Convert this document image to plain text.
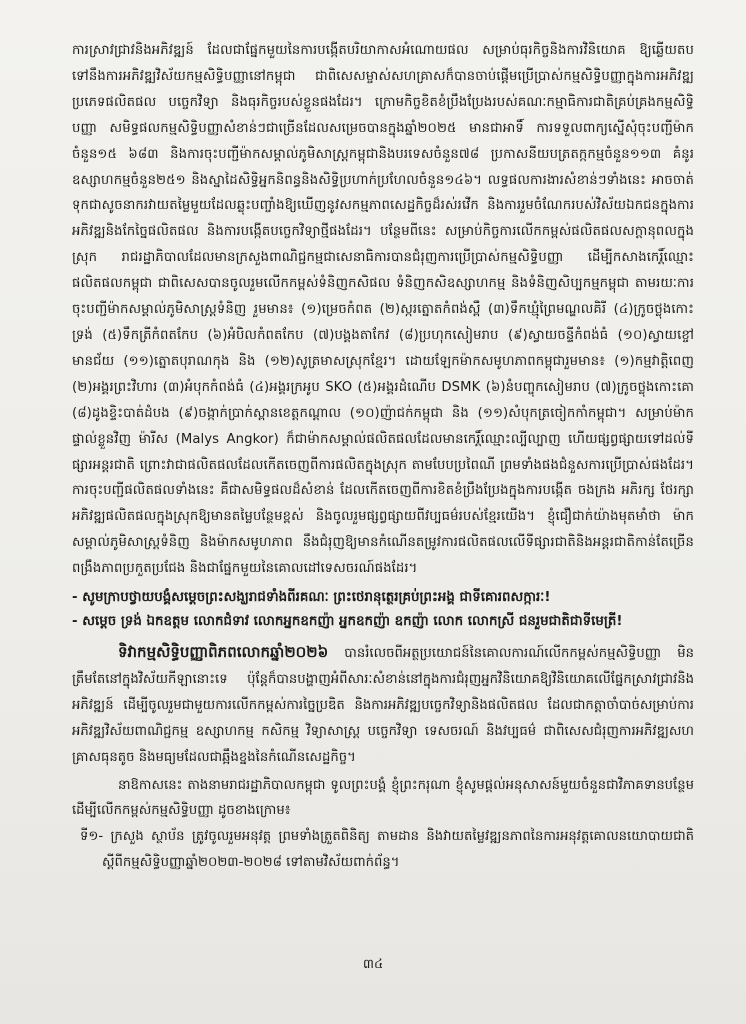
ការស្រាវជ្រាវនិងអភិវឌ្ឍន៍ ដែលជាផ្នែកមួយនៃការបង្កើតបរិយាកាសអំណោយផល សម្រាប់ធុរកិច្ចនិងការវិនិយោគ ឱ្យឆ្លើយតបទៅនឹងការអភិវឌ្ឍវិស័យកម្មសិទ្ធិបញ្ញានៅកម្ពុជា ជាពិសេសម្ចាស់សហគ្រាសក៏បានចាប់ផ្តើមប្រើប្រាស់កម្មសិទ្ធិបញ្ញាក្នុងការអភិវឌ្ឍប្រភេទផលិតផល បច្ចេកវិទ្យា និងធុរកិច្ចរបស់ខ្លួនផងដែរ។ ក្រោមកិច្ចខិតខំប្រឹងប្រែងរបស់គណៈកម្មាធិការជាតិគ្រប់គ្រងកម្មសិទ្ធិបញ្ញា សមិទ្ធផលកម្មសិទ្ធិបញ្ញាសំខាន់ៗជាច្រើនដែលសម្រេចបានក្នុងឆ្នាំ២០២៥ មានជាអាទិ៍ ការទទួលពាក្យស្នើសុំចុះបញ្ជីម៉ាកចំនួន១៥ ៦៨៣ និងការចុះបញ្ជីម៉ាកសម្គាល់ភូមិសាស្ត្រកម្ពុជានិងបរទេសចំនួន៧៨ ប្រកាសនីយបត្រតក្កកម្មចំនួន១១៣ គំនូរឧស្សាហកម្មចំនួន២៥១ និងស្នាដៃសិទ្ធិអ្នកនិពន្ធនិងសិទ្ធិប្រហាក់ប្រហែលចំនួន១៤៦។ លទ្ធផលការងារសំខាន់ៗទាំងនេះ អាចចាត់ទុកជាសូចនាករវាយតម្លៃមួយដែលឆ្លុះបញ្ចាំងឱ្យឃើញនូវសកម្មភាពសេដ្ឋកិច្ចដ៏រស់រវើក និងការរួមចំណែករបស់វិស័យឯកជនក្នុងការអភិវឌ្ឍនិងកែច្នៃផលិតផល និងការបង្កើតបច្ចេកវិទ្យាថ្មីផងដែរ។ បន្ថែមពីនេះ សម្រាប់កិច្ចការលើកកម្ពស់ផលិតផលសក្តានុពលក្នុងស្រុក រាជរដ្ឋាភិបាលដែលមានក្រសួងពាណិជ្ជកម្មជាសេនាធិការបានជំរុញការប្រើប្រាស់កម្មសិទ្ធិបញ្ញា ដើម្បីកសាងកេរ្តិ៍ឈ្មោះផលិតផលកម្ពុជា ជាពិសេសបានចូលរួមលើកកម្ពស់ទំនិញកសិផល ទំនិញកសិឧស្សាហកម្ម និងទំនិញសិប្បកម្មកម្ពុជា តាមរយៈការចុះបញ្ជីម៉ាកសម្គាល់ភូមិសាស្ត្រទំនិញ រួមមាន៖ (១)ម្រេចកំពត (២)ស្ករត្នោតកំពង់ស្ពឺ (៣)ទឹកឃ្មុំព្រៃមណ្ឌលគិរី (៤)ក្រូចថ្លុងកោះទ្រង់ (៥)ទឹកត្រីកំពតកែប (៦)អំបិលកំពតកែប (៧)បង្គងតាកែវ (៨)ប្រហុកសៀមរាប (៩)ស្វាយចន្ទីកំពង់ធំ (១០)ស្វាយខ្ចៅមានជ័យ (១១)ត្នោតបុរាណកុង និង (១២)សូត្រមាសស្រុកខ្មែរ។ ដោយឡែកម៉ាកសមូហភាពកម្ពុជារួមមាន៖ (១)កម្មវាត្តិពេញ (២)អង្គរព្រះវិហារ (៣)អំបុកកំពង់ធំ (៤)អង្គរក្រអូប SKO (៥)អង្គរដំណើប DSMK (៦)នំបញ្ចុកសៀមរាប (៧)ក្រូចថ្លុងកោះគោ (៨)ដូងខ្ទិះបាត់ដំបង (៩)ចង្កាក់ប្រាក់ស្ពានខេត្តកណ្ដាល (១០)ញ៉ាជក់កម្ពុជា និង (១១)សំបុកត្រចៀកកាំកម្ពុជា។ សម្រាប់ម៉ាកផ្ទាល់ខ្លួនវិញ ម៉ារីស (Malys Angkor) ក៏ជាម៉ាកសម្គាល់ផលិតផលដែលមានកេរ្តិ៍ឈ្មោះល្បីល្បាញ ហើយផ្សព្វផ្សាយទៅដល់ទីផ្សារអន្តរជាតិ ព្រោះវាជាផលិតផលដែលកើតចេញពីការផលិតក្នុងស្រុក តាមបែបប្រពៃណី ព្រមទាំងផងជំនួសការប្រើប្រាស់ផងដែរ។ ការចុះបញ្ជីផលិតផលទាំងនេះ គឺជាសមិទ្ធផលដ៏សំខាន់ ដែលកើតចេញពីការខិតខំប្រឹងប្រែងក្នុងការបង្កើត ចងក្រង អភិរក្ស ថែរក្សា អភិវឌ្ឍផលិតផលក្នុងស្រុកឱ្យមានតម្លៃបន្ថែមខ្ពស់ និងចូលរួមផ្សព្វផ្សាយពីវប្បធម៌របស់ខ្មែរយើង។ ខ្ញុំជឿជាក់យ៉ាងមុតមាំថា ម៉ាកសម្គាល់ភូមិសាស្ត្រទំនិញ និងម៉ាកសមូហភាព នឹងជំរុញឱ្យមានកំណើនតម្រូវការផលិតផលលើទីផ្សារជាតិនិងអន្តរជាតិកាន់តែច្រើន ពង្រឹងភាពប្រកួតប្រជែង និងជាផ្នែកមួយនៃគោលដៅទេសចរណ៍ផងដែរ។

- សូមក្រាបថ្វាយបង្គំសម្តេចព្រះសង្ឃរាជទាំងពីរគណៈ ព្រះថេរានុត្ថេរគ្រប់ព្រះអង្គ ជាទីគោរពសក្ការៈ!

- សម្តេច ទ្រង់ ឯកឧត្តម លោកជំទាវ លោកអ្នកឧកញ៉ា អ្នកឧកញ៉ា ឧកញ៉ា លោក លោកស្រី ជនរួមជាតិជាទីមេត្រី!

ទិវាកម្មសិទ្ធិបញ្ញាពិភពលោកឆ្នាំ២០២៦ បានរំលេចពីអត្ថប្រយោជន៍នៃគោលការណ៍លើកកម្ពស់កម្មសិទ្ធិបញ្ញា មិនត្រឹមតែនៅក្នុងវិស័យកីឡានោះទេ ប៉ុន្តែក៏បានបង្ហាញអំពីសារៈសំខាន់នៅក្នុងការជំរុញអ្នកវិនិយោគឱ្យវិនិយោគលើផ្នែកស្រាវជ្រាវនិងអភិវឌ្ឍន៍ ដើម្បីចូលរួមជាមួយការលើកកម្ពស់ការច្នៃប្រឌិត និងការអភិវឌ្ឍបច្ចេកវិទ្យានិងផលិតផល ដែលជាកត្តាចាំបាច់សម្រាប់ការអភិវឌ្ឍវិស័យពាណិជ្ជកម្ម ឧស្សាហកម្ម កសិកម្ម វិទ្យាសាស្ត្រ បច្ចេកវិទ្យា ទេសចរណ៍ និងវប្បធម៌ ជាពិសេសជំរុញការអភិវឌ្ឍសហគ្រាសធុនតូច និងមធ្យមដែលជាឆ្អឹងខ្នងនៃកំណើនសេដ្ឋកិច្ច។

នាឱកាសនេះ តាងនាមរាជរដ្ឋាភិបាលកម្ពុជា ទូលព្រះបង្គំ ខ្ញុំព្រះករុណា ខ្ញុំសូមផ្តល់អនុសាសន៍មួយចំនួនជាវិភាគទានបន្ថែម ដើម្បីលើកកម្ពស់កម្មសិទ្ធិបញ្ញា ដូចខាងក្រោម៖

ទី១- ក្រសួង ស្ថាប័ន ត្រូវចូលរួមអនុវត្ត ព្រមទាំងត្រួតពិនិត្យ តាមដាន និងវាយតម្លៃវឌ្ឍនភាពនៃការអនុវត្តគោលនយោបាយជាតិស្តីពីកម្មសិទ្ធិបញ្ញាឆ្នាំ២០២៣-២០២៨ ទៅតាមវិស័យពាក់ព័ន្ធ។

៣៤
